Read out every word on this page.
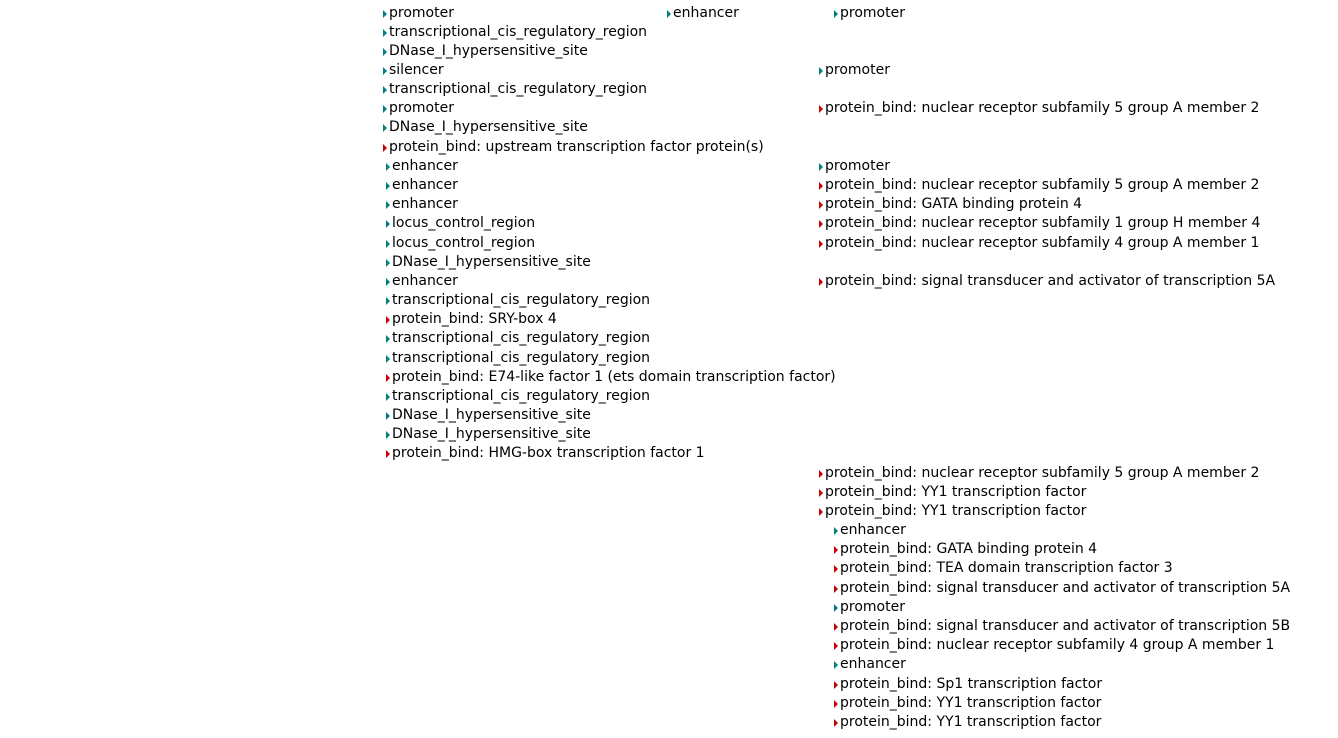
promoter
transcriptional_cis_regulatory_region
DNase_I_hypersensitive_site
silencer
transcriptional_cis_regulatory_region
promoter
DNase_I_hypersensitive_site
protein_bind: upstream transcription factor protein(s)
enhancer
enhancer
enhancer
locus_control_region
locus_control_region
DNase_I_hypersensitive_site
enhancer
transcriptional_cis_regulatory_region
protein_bind: SRY-box 4
transcriptional_cis_regulatory_region
transcriptional_cis_regulatory_region
protein_bind: E74-like factor 1 (ets domain transcription factor)
transcriptional_cis_regulatory_region
DNase_I_hypersensitive_site
DNase_I_hypersensitive_site
protein_bind: HMG-box transcription factor 1
enhancer	promoter
promoter
protein_bind: nuclear receptor subfamily 5 group A member 2
promoter
protein_bind: nuclear receptor subfamily 5 group A member 2
protein_bind: GATA binding protein 4
protein_bind: nuclear receptor subfamily 1 group H member 4
protein_bind: nuclear receptor subfamily 4 group A member 1
protein_bind: signal transducer and activator of transcription 5A
protein_bind: nuclear receptor subfamily 5 group A member 2
protein_bind: YY1 transcription factor
protein_bind: YY1 transcription factor
enhancer
protein_bind: GATA binding protein 4
protein_bind: TEA domain transcription factor 3
protein_bind: signal transducer and activator of transcription 5A
promoter
protein_bind: signal transducer and activator of transcription 5B
protein_bind: nuclear receptor subfamily 4 group A member 1
enhancer
protein_bind: Sp1 transcription factor
protein_bind: YY1 transcription factor
protein_bind: YY1 transcription factor
